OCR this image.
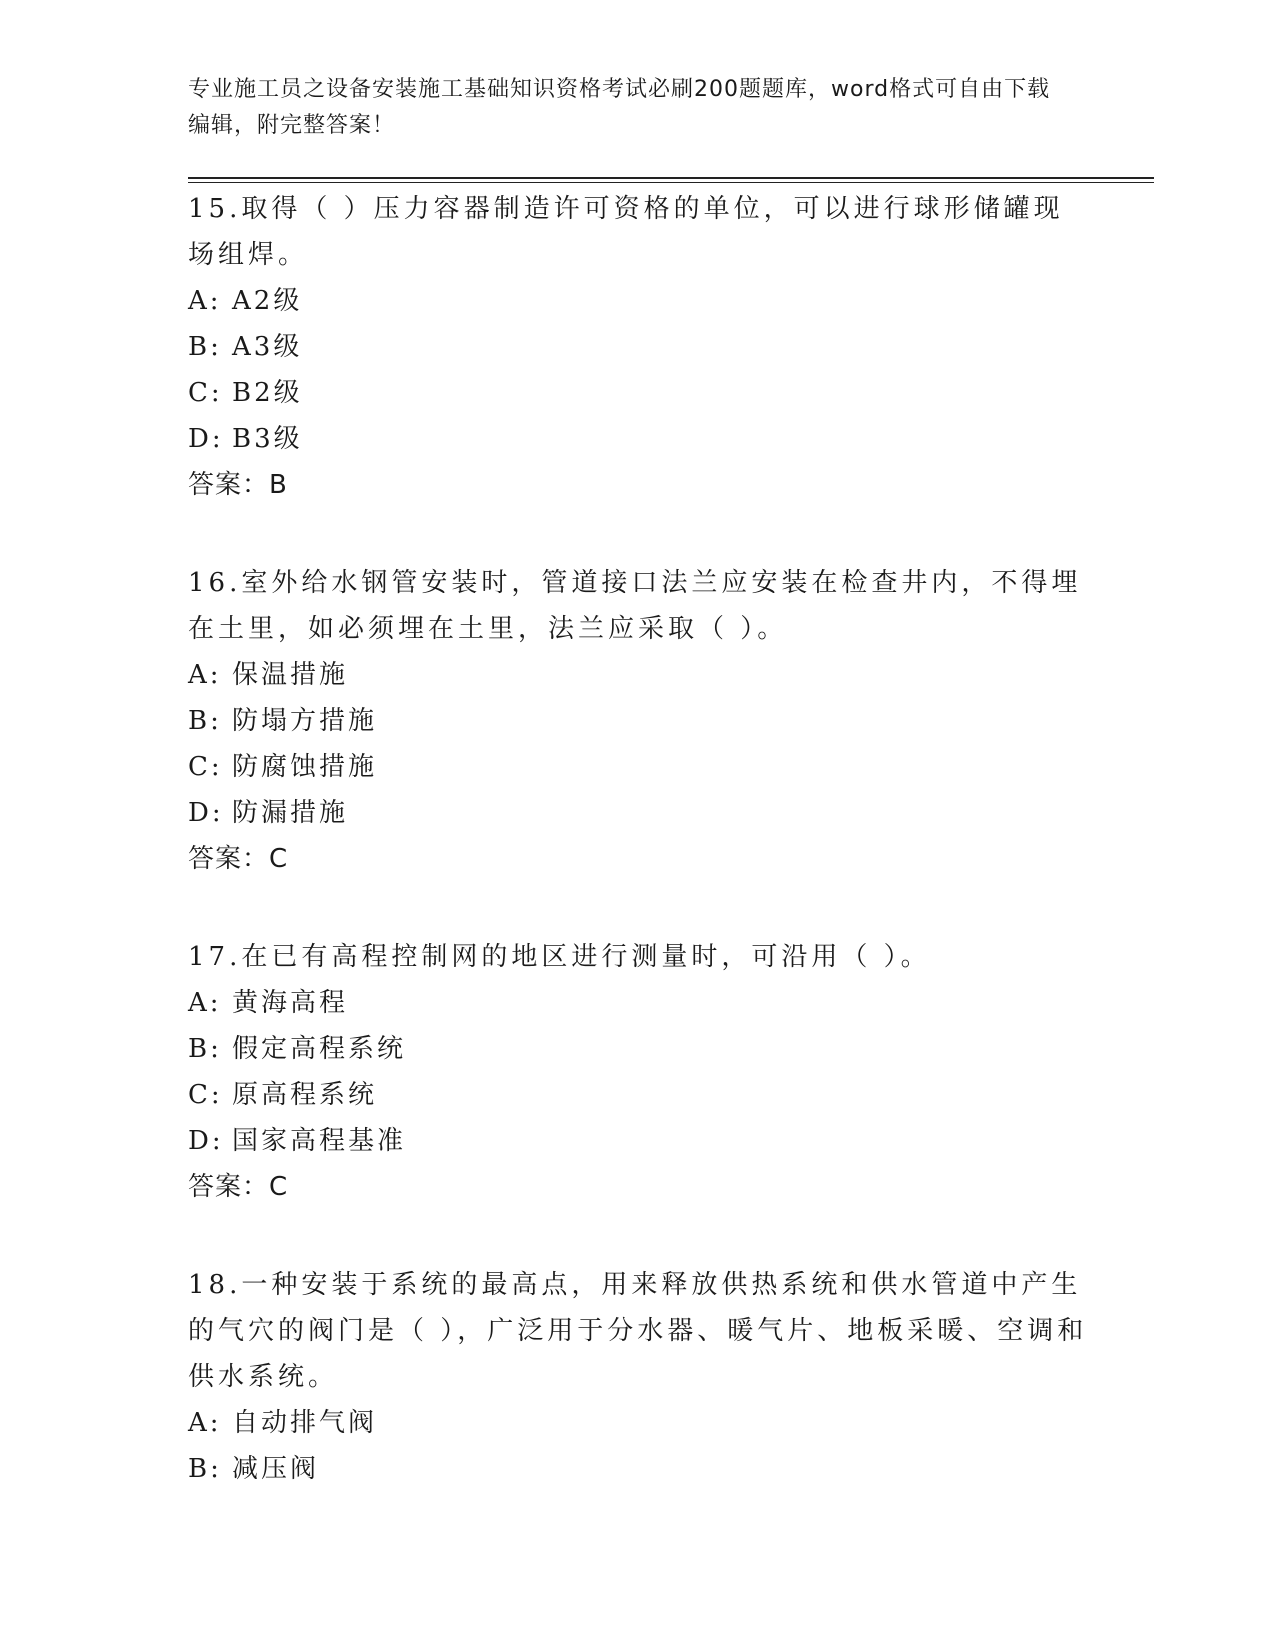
专业施工员之设备安装施工基础知识资格考试必刷200题题库，word格式可自由下载编辑，附完整答案！

15.取得（ ）压力容器制造许可资格的单位，可以进行球形储罐现场组焊。

A: A2级

B: A3级

C: B2级

D: B3级

答案：B

16.室外给水钢管安装时，管道接口法兰应安装在检查井内，不得埋在土里，如必须埋在土里，法兰应采取（ ）。

A: 保温措施

B: 防塌方措施

C: 防腐蚀措施

D: 防漏措施

答案：C

17.在已有高程控制网的地区进行测量时，可沿用（ ）。

A: 黄海高程

B: 假定高程系统

C: 原高程系统

D: 国家高程基准

答案：C

18.一种安装于系统的最高点，用来释放供热系统和供水管道中产生的气穴的阀门是（ ），广泛用于分水器、暖气片、地板采暖、空调和供水系统。

A: 自动排气阀

B: 减压阀
